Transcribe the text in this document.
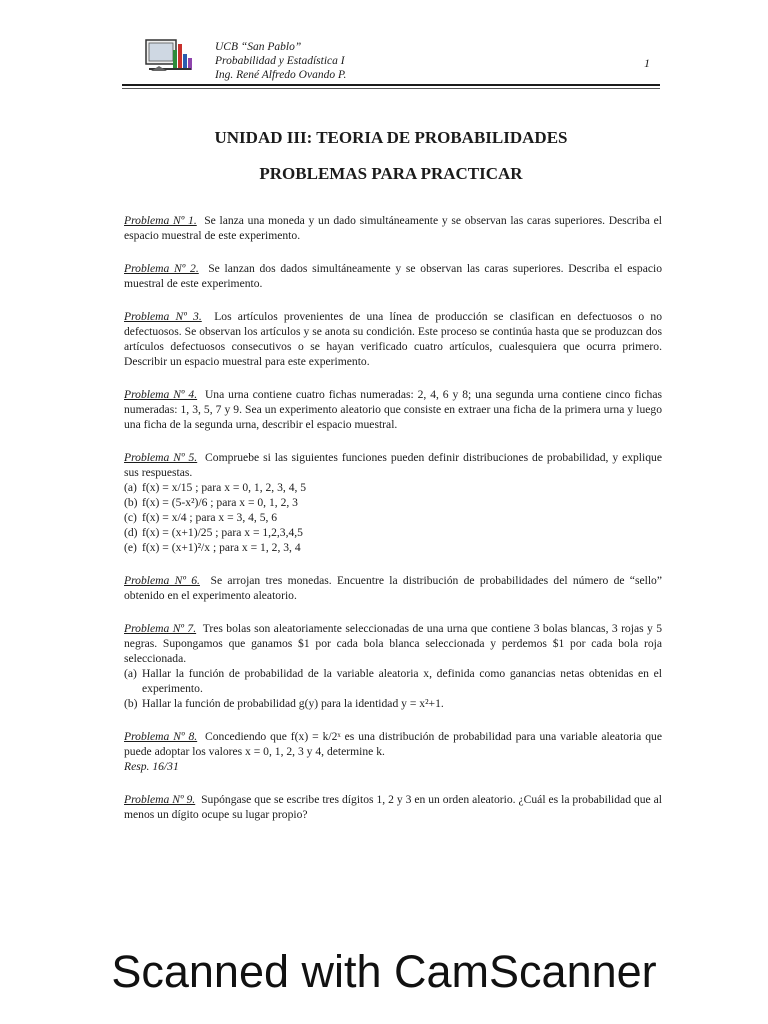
UCB “San Pablo”
Probabilidad y Estadística I
Ing. René Alfredo Ovando P.
1
UNIDAD III: TEORIA DE PROBABILIDADES
PROBLEMAS PARA PRACTICAR
Problema Nº 1. Se lanza una moneda y un dado simultáneamente y se observan las caras superiores. Describa el espacio muestral de este experimento.
Problema Nº 2. Se lanzan dos dados simultáneamente y se observan las caras superiores. Describa el espacio muestral de este experimento.
Problema Nº 3. Los artículos provenientes de una línea de producción se clasifican en defectuosos o no defectuosos. Se observan los artículos y se anota su condición. Este proceso se continúa hasta que se produzcan dos artículos defectuosos consecutivos o se hayan verificado cuatro artículos, cualesquiera que ocurra primero. Describir un espacio muestral para este experimento.
Problema Nº 4. Una urna contiene cuatro fichas numeradas: 2, 4, 6 y 8; una segunda urna contiene cinco fichas numeradas: 1, 3, 5, 7 y 9. Sea un experimento aleatorio que consiste en extraer una ficha de la primera urna y luego una ficha de la segunda urna, describir el espacio muestral.
Problema Nº 5. Compruebe si las siguientes funciones pueden definir distribuciones de probabilidad, y explique sus respuestas.
(a) f(x) = x/15 ; para x = 0, 1, 2, 3, 4, 5
(b) f(x) = (5-x²)/6 ; para x = 0, 1, 2, 3
(c) f(x) = x/4 ; para x = 3, 4, 5, 6
(d) f(x) = (x+1)/25 ; para x = 1,2,3,4,5
(e) f(x) = (x+1)²/x ; para x = 1, 2, 3, 4
Problema Nº 6. Se arrojan tres monedas. Encuentre la distribución de probabilidades del número de “sello” obtenido en el experimento aleatorio.
Problema Nº 7. Tres bolas son aleatoriamente seleccionadas de una urna que contiene 3 bolas blancas, 3 rojas y 5 negras. Supongamos que ganamos $1 por cada bola blanca seleccionada y perdemos $1 por cada bola roja seleccionada.
(a) Hallar la función de probabilidad de la variable aleatoria x, definida como ganancias netas obtenidas en el experimento.
(b) Hallar la función de probabilidad g(y) para la identidad y = x²+1.
Problema Nº 8. Concediendo que f(x) = k/2ˣ es una distribución de probabilidad para una variable aleatoria que puede adoptar los valores x = 0, 1, 2, 3 y 4, determine k.
Resp. 16/31
Problema Nº 9. Supóngase que se escribe tres dígitos 1, 2 y 3 en un orden aleatorio. ¿Cuál es la probabilidad que al menos un dígito ocupe su lugar propio?
Scanned with CamScanner
